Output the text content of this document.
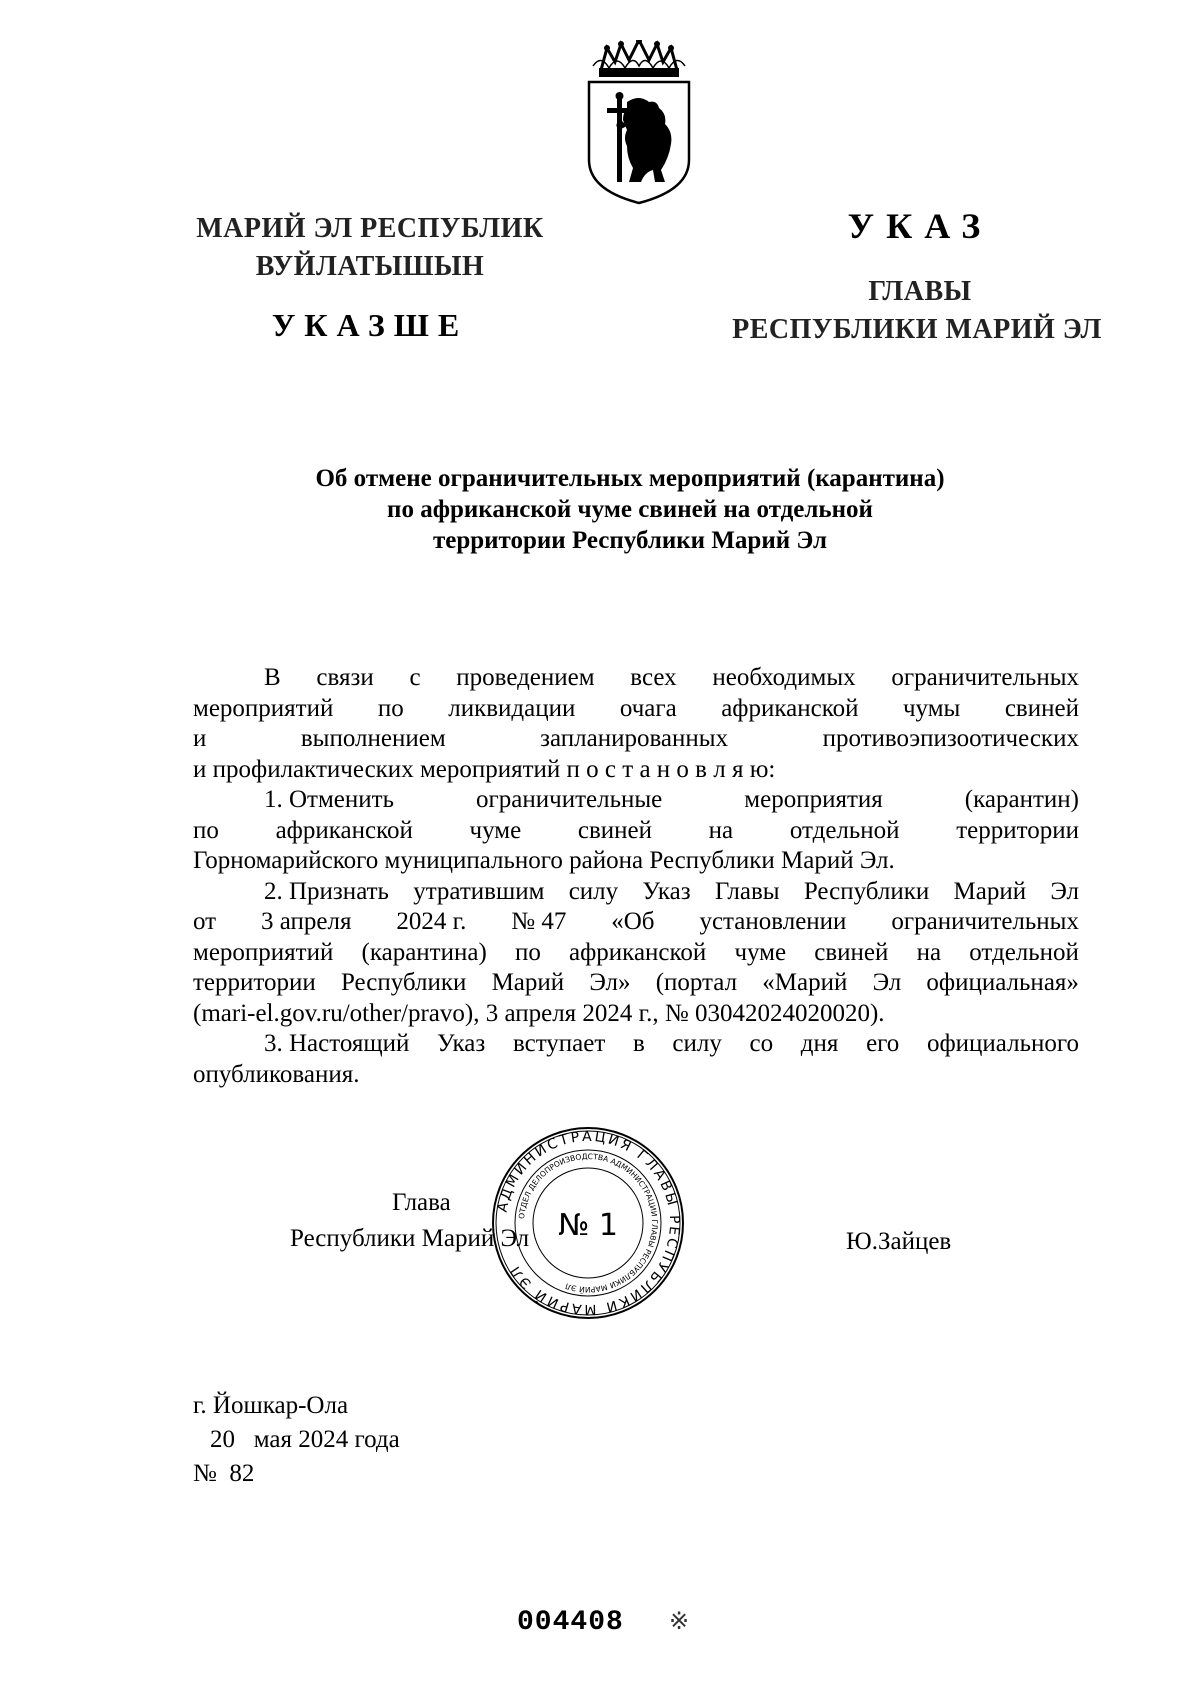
МАРИЙ ЭЛ РЕСПУБЛИК
ВУЙЛАТЫШЫН
УКАЗШЕ
УКАЗ
ГЛАВЫ
РЕСПУБЛИКИ МАРИЙ ЭЛ
Об отмене ограничительных мероприятий (карантина)
по африканской чуме свиней на отдельной
территории Республики Марий Эл
В связи с проведением всех необходимых ограничительных
мероприятий по ликвидации очага африканской чумы свиней
и	выполнением	запланированных	противоэпизоотических
и профилактических мероприятий п о с т а н о в л я ю:
1. Отменить	ограничительные	мероприятия	(карантин)
по африканской чуме свиней на отдельной территории
Горномарийского муниципального района Республики Марий Эл.
2. Признать утратившим силу Указ Главы Республики Марий Эл
от 3 апреля 2024 г. № 47 «Об установлении ограничительных
мероприятий (карантина) по африканской чуме свиней на отдельной
территории Республики Марий Эл» (портал «Марий Эл официальная»
(mari-el.gov.ru/other/pravo), 3 апреля 2024 г., № 03042024020020).
3. Настоящий Указ вступает в силу со дня его официального
опубликования.
АДМИНИСТРАЦИЯ ГЛАВЫ РЕСПУБЛИКИ МАРИЙ ЭЛ
ОТДЕЛ ДЕЛОПРОИЗВОДСТВА АДМИНИСТРАЦИИ ГЛАВЫ РЕСПУБЛИКИ МАРИЙ ЭЛ
№ 1
Глава
Республики Марий Эл	Ю.Зайцев
г. Йошкар-Ола
20   мая 2024 года
№  82
004408 ※
